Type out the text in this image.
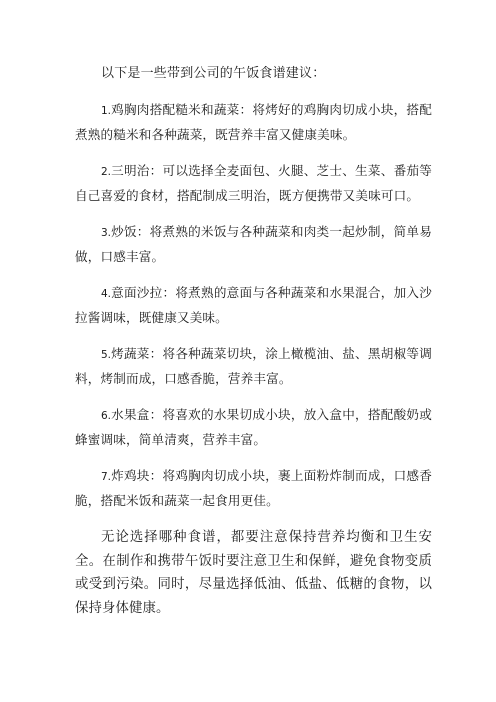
以下是一些带到公司的午饭食谱建议：

1.鸡胸肉搭配糙米和蔬菜：将烤好的鸡胸肉切成小块，搭配煮熟的糙米和各种蔬菜，既营养丰富又健康美味。

2.三明治：可以选择全麦面包、火腿、芝士、生菜、番茄等自己喜爱的食材，搭配制成三明治，既方便携带又美味可口。

3.炒饭：将煮熟的米饭与各种蔬菜和肉类一起炒制，简单易做，口感丰富。

4.意面沙拉：将煮熟的意面与各种蔬菜和水果混合，加入沙拉酱调味，既健康又美味。

5.烤蔬菜：将各种蔬菜切块，涂上橄榄油、盐、黑胡椒等调料，烤制而成，口感香脆，营养丰富。

6.水果盒：将喜欢的水果切成小块，放入盒中，搭配酸奶或蜂蜜调味，简单清爽，营养丰富。

7.炸鸡块：将鸡胸肉切成小块，裹上面粉炸制而成，口感香脆，搭配米饭和蔬菜一起食用更佳。

无论选择哪种食谱，都要注意保持营养均衡和卫生安全。在制作和携带午饭时要注意卫生和保鲜，避免食物变质或受到污染。同时，尽量选择低油、低盐、低糖的食物，以保持身体健康。
